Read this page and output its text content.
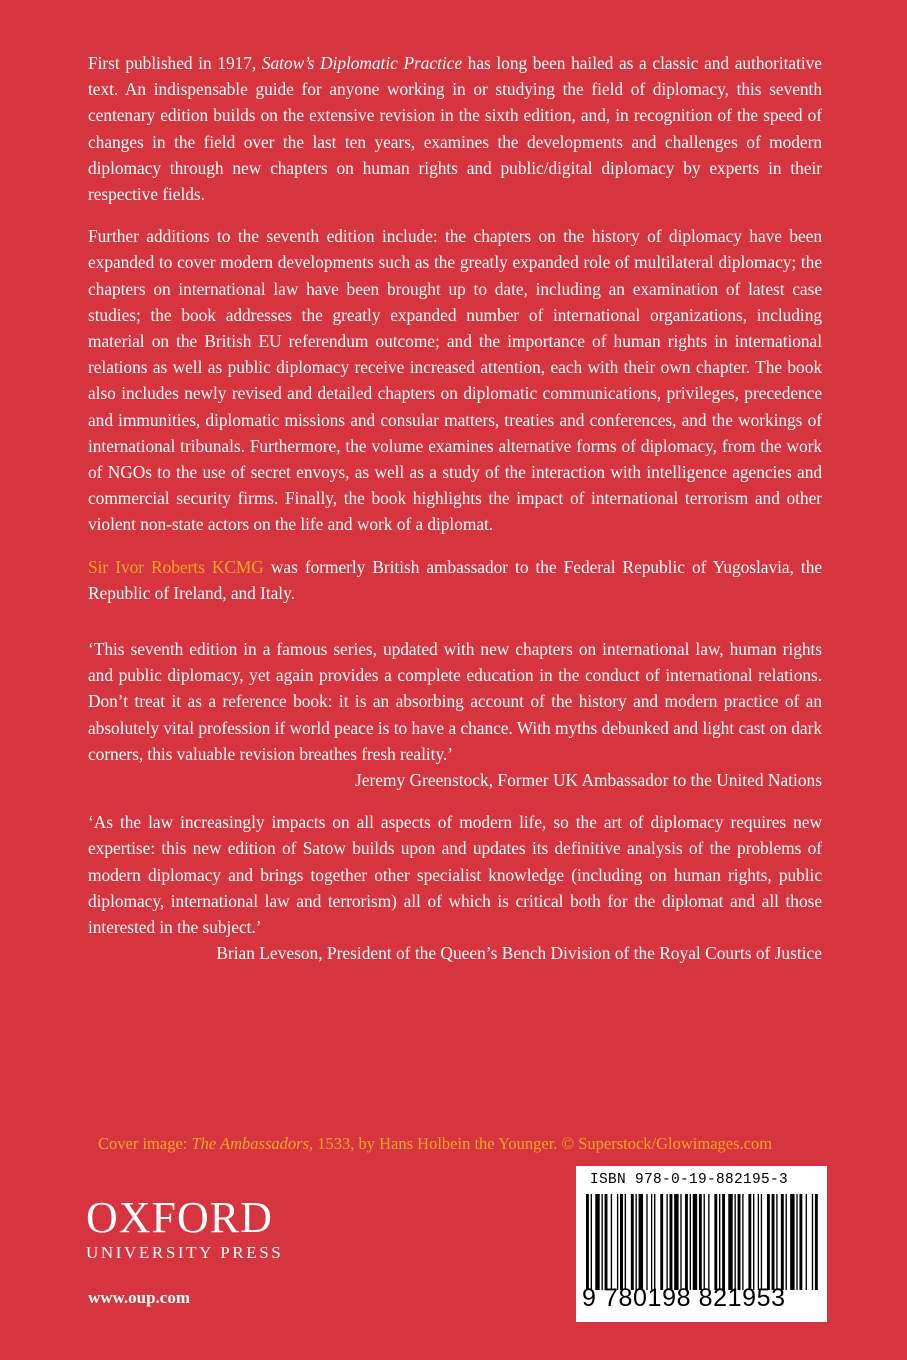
First published in 1917, Satow’s Diplomatic Practice has long been hailed as a classic and authoritative text. An indispensable guide for anyone working in or studying the field of diplomacy, this seventh centenary edition builds on the extensive revision in the sixth edition, and, in recognition of the speed of changes in the field over the last ten years, examines the developments and challenges of modern diplomacy through new chapters on human rights and public/digital diplomacy by experts in their respective fields.

Further additions to the seventh edition include: the chapters on the history of diplomacy have been expanded to cover modern developments such as the greatly expanded role of multilateral diplomacy; the chapters on international law have been brought up to date, including an examination of latest case studies; the book addresses the greatly expanded number of international organizations, including material on the British EU referendum outcome; and the importance of human rights in international relations as well as public diplomacy receive increased attention, each with their own chapter. The book also includes newly revised and detailed chapters on diplomatic communications, privileges, precedence and immunities, diplomatic missions and consular matters, treaties and conferences, and the workings of international tribunals. Furthermore, the volume examines alternative forms of diplomacy, from the work of NGOs to the use of secret envoys, as well as a study of the interaction with intelligence agencies and commercial security firms. Finally, the book highlights the impact of international terrorism and other violent non-state actors on the life and work of a diplomat.

Sir Ivor Roberts KCMG was formerly British ambassador to the Federal Republic of Yugoslavia, the Republic of Ireland, and Italy.

‘This seventh edition in a famous series, updated with new chapters on international law, human rights and public diplomacy, yet again provides a complete education in the conduct of international relations. Don’t treat it as a reference book: it is an absorbing account of the history and modern practice of an absolutely vital profession if world peace is to have a chance. With myths debunked and light cast on dark corners, this valuable revision breathes fresh reality.’

Jeremy Greenstock, Former UK Ambassador to the United Nations

‘As the law increasingly impacts on all aspects of modern life, so the art of diplomacy requires new expertise: this new edition of Satow builds upon and updates its definitive analysis of the problems of modern diplomacy and brings together other specialist knowledge (including on human rights, public diplomacy, international law and terrorism) all of which is critical both for the diplomat and all those interested in the subject.’

Brian Leveson, President of the Queen’s Bench Division of the Royal Courts of Justice
Cover image: The Ambassadors, 1533, by Hans Holbein the Younger. © Superstock/Glowimages.com
OXFORD
UNIVERSITY PRESS
www.oup.com
ISBN 978-0-19-882195-3
9 780198 821953
